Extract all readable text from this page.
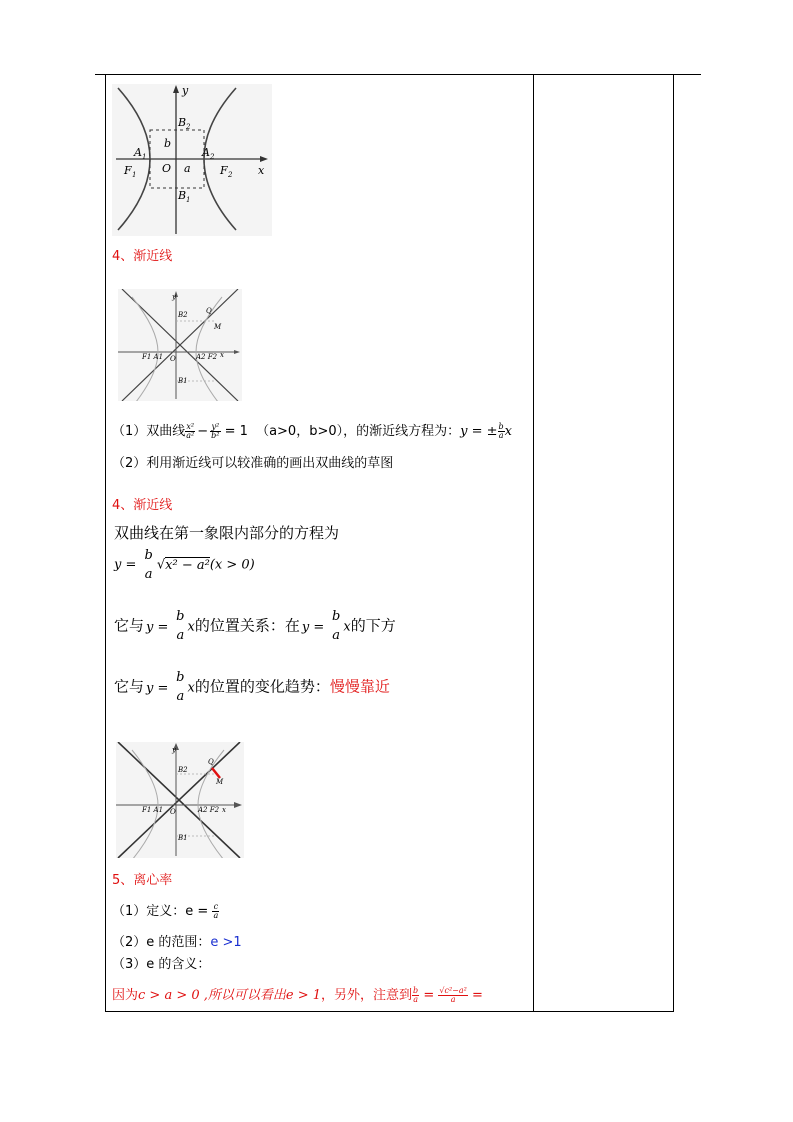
y
x
B 2
b
A 1
O a
A 2
F 1	F 2
B 1
4、渐近线
y
x
B2	Q
M
F1 A1 O	A2 F2
B1
（1）双曲线 $\frac{\text{x²}}{\text{a²}} - \frac{\text{y²}}{\text{b²}} = 1$ （a>0，b>0），的渐近线方程为：y = ± $\frac{b}{a}$ x
（2）利用渐近线可以较准确的画出双曲线的草图
4、渐近线
双曲线在第一象限内部分的方程为
y =
b
a
√x² − a²(x > 0)
它与 y =
b
a
x的位置关系：在 y =
b
a
x的下方
它与 y =
b
a
x的位置的变化趋势：慢慢靠近
y
x
B2
Q
M
F1 A1 O	A2 F2
B1
5、离心率
（1）定义：$e = \frac{c}{a}$
（2）e 的范围：e >1
（3）e 的含义：
因为c > a > 0 ,所以可以看出e > 1，另外，注意到 $\frac{b}{a} = \frac{\text{√c²−a²}}{a}$ =
